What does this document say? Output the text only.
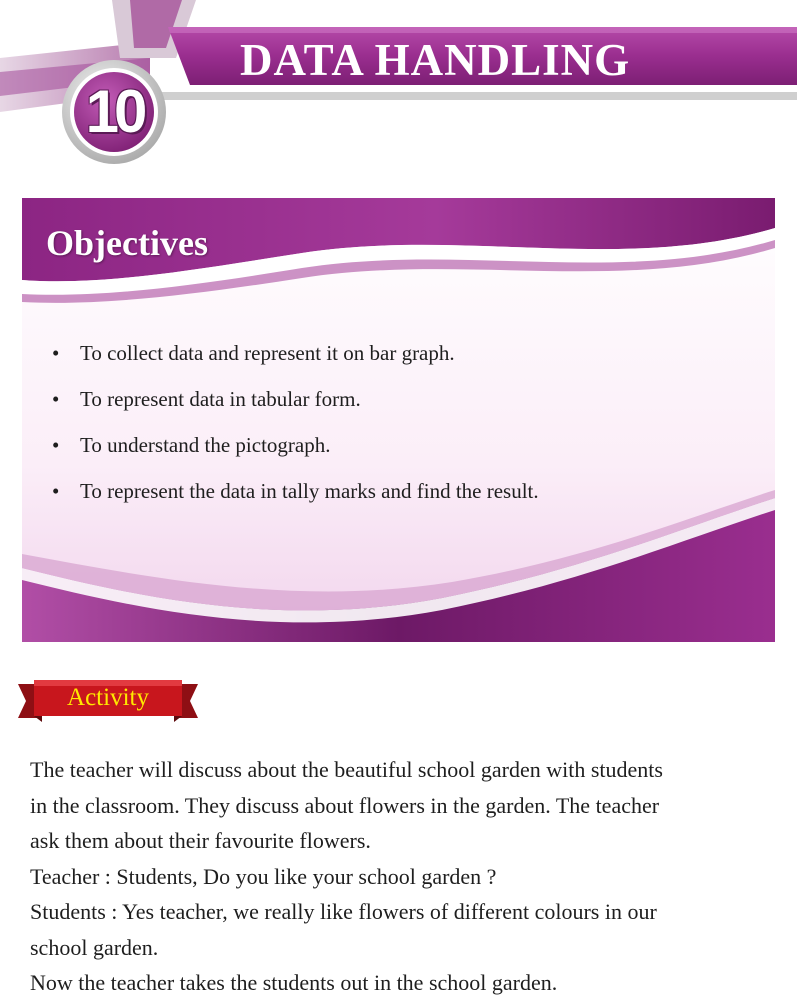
10
DATA HANDLING
Objectives
• To collect data and represent it on bar graph.
• To represent data in tabular form.
• To understand the pictograph.
• To represent the data in tally marks and find the result.
Activity

The teacher will discuss about the beautiful school garden with students

in the classroom. They discuss about flowers in the garden. The teacher

ask them about their favourite flowers.

Teacher : Students, Do you like your school garden ?

Students : Yes teacher, we really like flowers of different colours in our

school garden.

Now the teacher takes the students out in the school garden.
